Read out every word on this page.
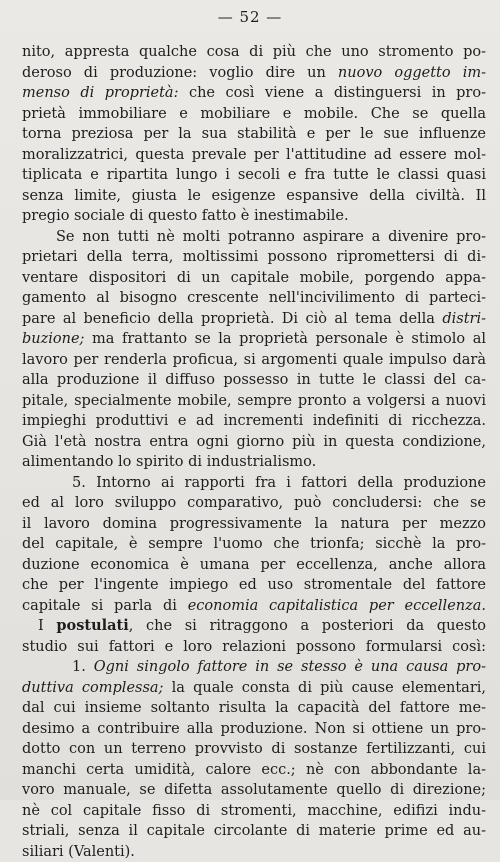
— 52 —
nito, appresta qualche cosa di più che uno stromento po-
deroso di produzione: voglio dire un nuovo oggetto im-
menso di proprietà: che così viene a distinguersi in pro-
prietà immobiliare e mobiliare e mobile. Che se quella
torna preziosa per la sua stabilità e per le sue influenze
moralizzatrici, questa prevale per l'attitudine ad essere mol-
tiplicata e ripartita lungo i secoli e fra tutte le classi quasi
senza limite, giusta le esigenze espansive della civiltà. Il
pregio sociale di questo fatto è inestimabile.
Se non tutti nè molti potranno aspirare a divenire pro-
prietari della terra, moltissimi possono ripromettersi di di-
ventare dispositori di un capitale mobile, porgendo appa-
gamento al bisogno crescente nell'incivilimento di parteci-
pare al beneficio della proprietà. Di ciò al tema della distri-
buzione; ma frattanto se la proprietà personale è stimolo al
lavoro per renderla proficua, si argomenti quale impulso darà
alla produzione il diffuso possesso in tutte le classi del ca-
pitale, specialmente mobile, sempre pronto a volgersi a nuovi
impieghi produttivi e ad incrementi indefiniti di ricchezza.
Già l'età nostra entra ogni giorno più in questa condizione,
alimentando lo spirito di industrialismo.
5. Intorno ai rapporti fra i fattori della produzione
ed al loro sviluppo comparativo, può concludersi: che se
il lavoro domina progressivamente la natura per mezzo
del capitale, è sempre l'uomo che trionfa; sicchè la pro-
duzione economica è umana per eccellenza, anche allora
che per l'ingente impiego ed uso stromentale del fattore
capitale si parla di economia capitalistica per eccellenza.
I postulati, che si ritraggono a posteriori da questo
studio sui fattori e loro relazioni possono formularsi così:
1. Ogni singolo fattore in se stesso è una causa pro-
duttiva complessa; la quale consta di più cause elementari,
dal cui insieme soltanto risulta la capacità del fattore me-
desimo a contribuire alla produzione. Non si ottiene un pro-
dotto con un terreno provvisto di sostanze fertilizzanti, cui
manchi certa umidità, calore ecc.; nè con abbondante la-
voro manuale, se difetta assolutamente quello di direzione;
nè col capitale fisso di stromenti, macchine, edifizi indu-
striali, senza il capitale circolante di materie prime ed au-
siliari (Valenti).
